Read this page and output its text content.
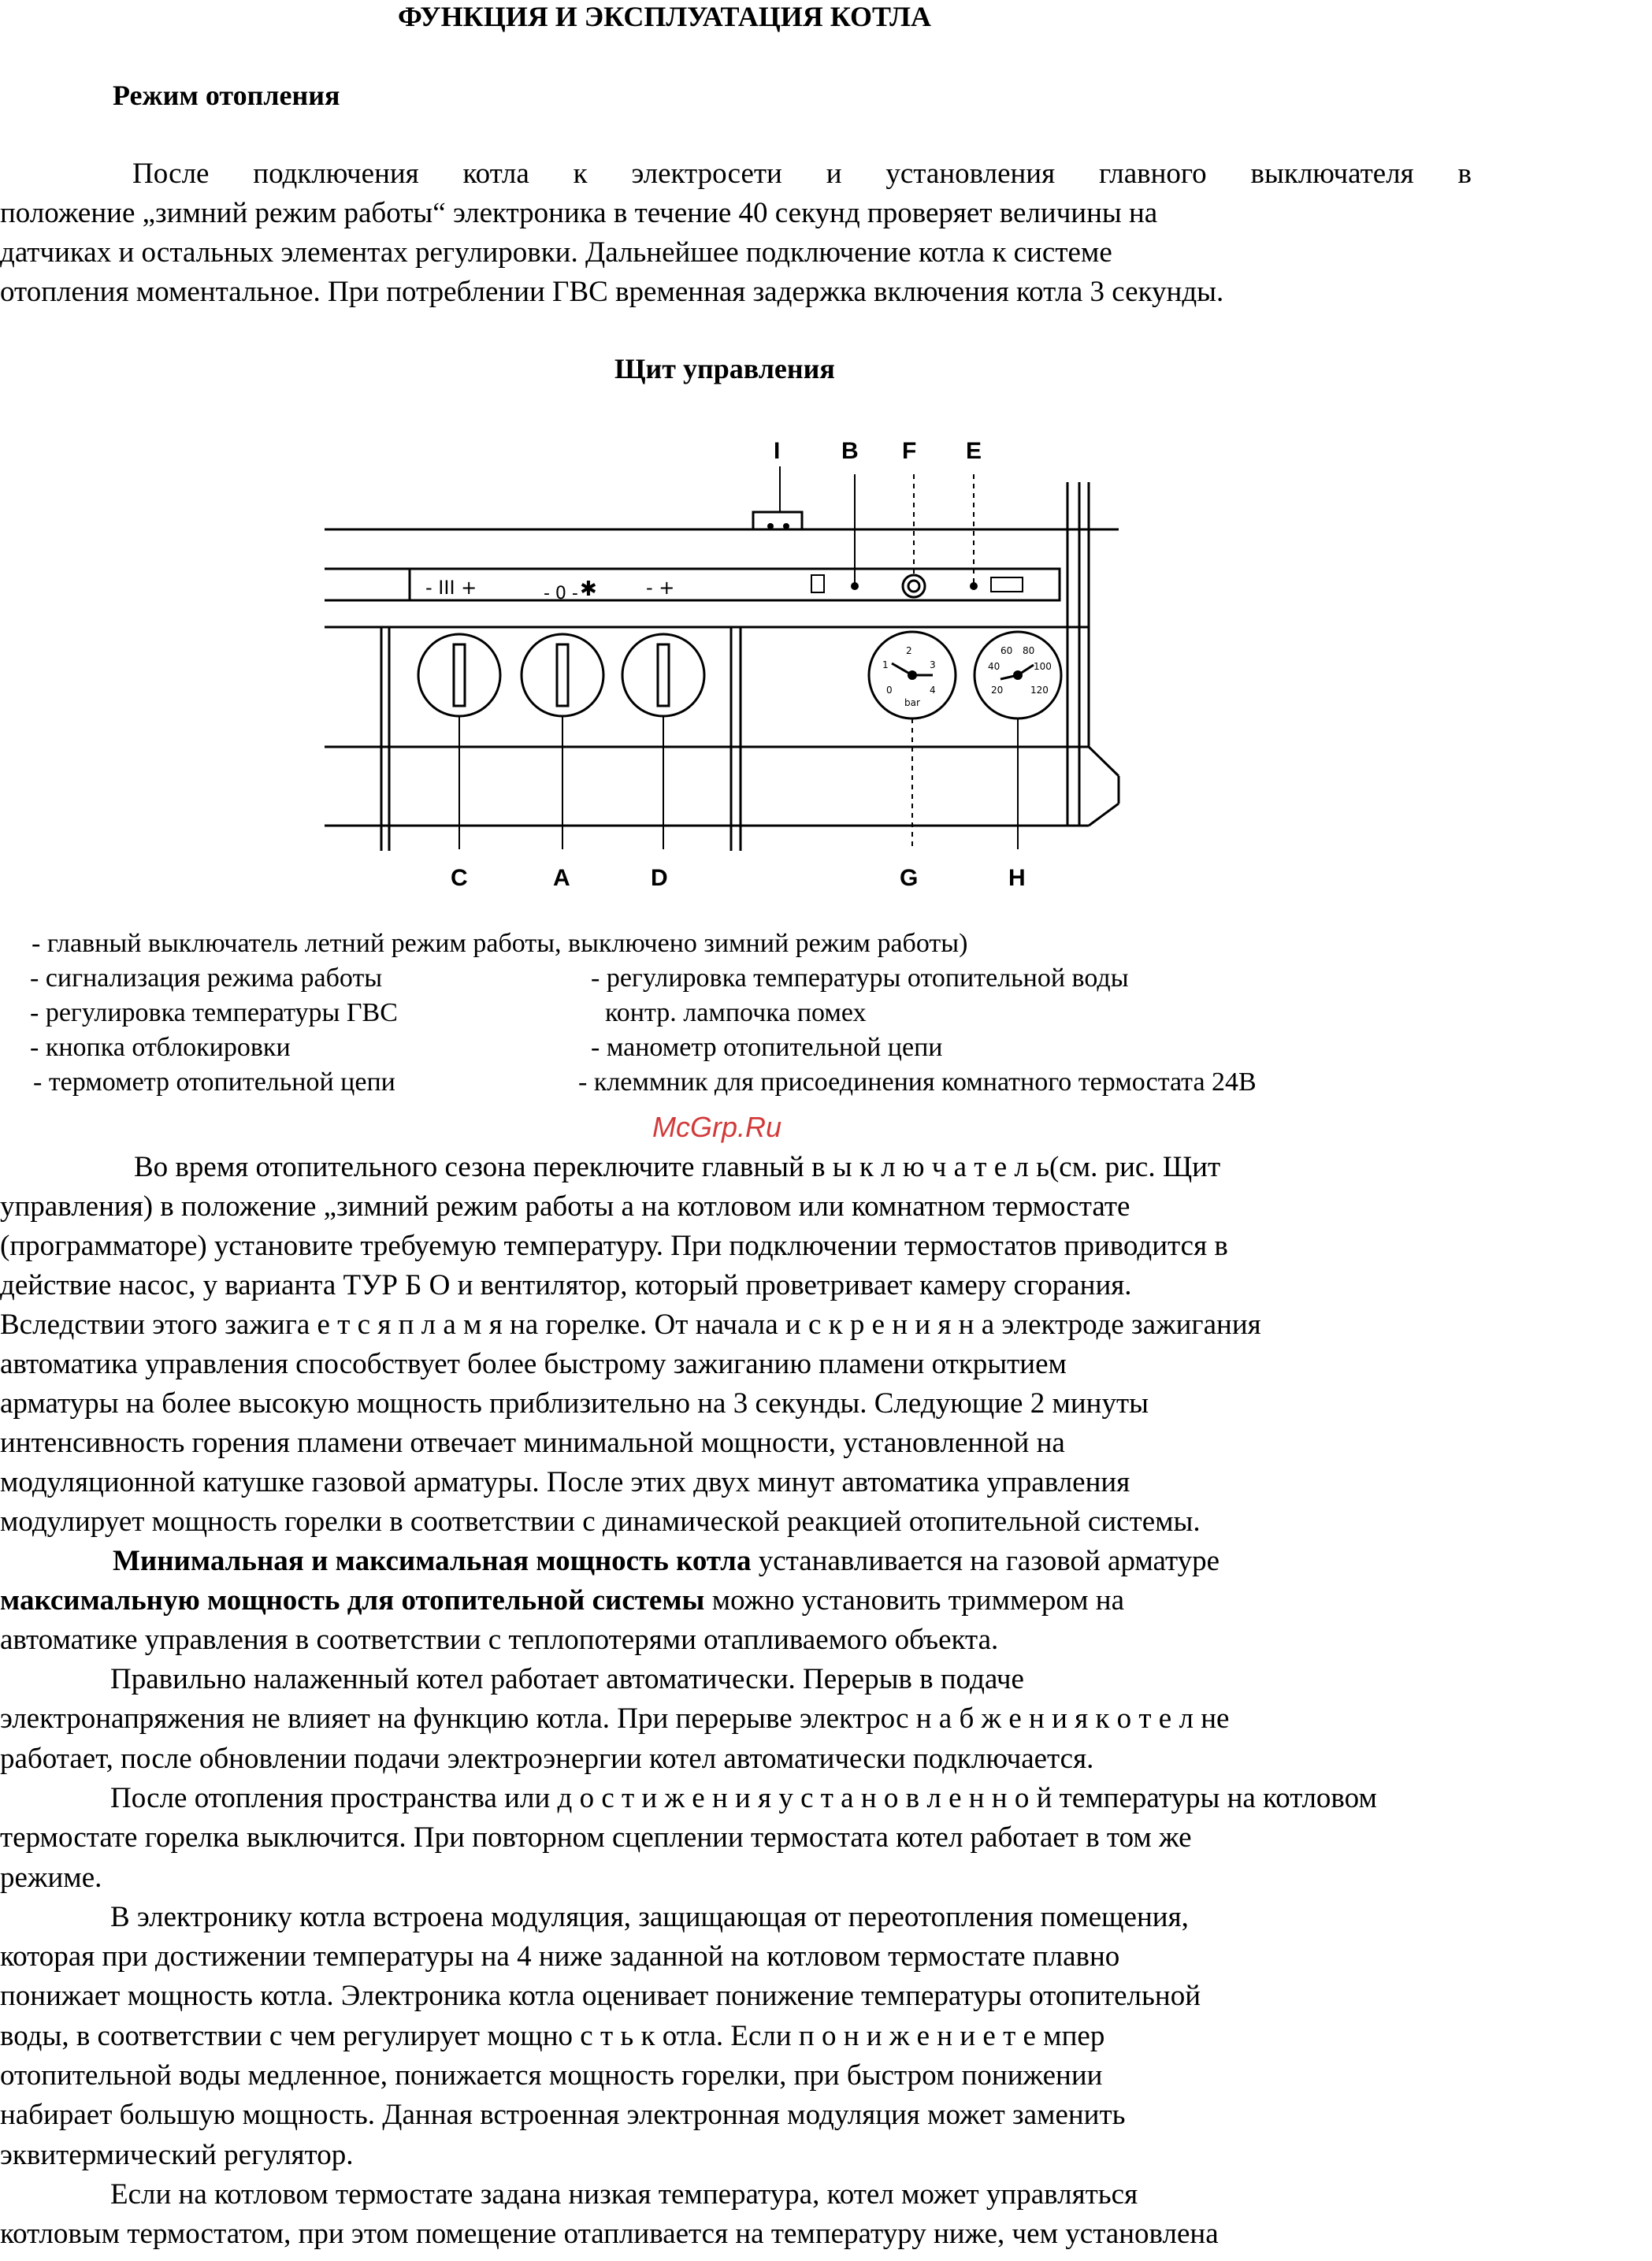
ФУНКЦИЯ И ЭКСПЛУАТАЦИЯ КОТЛА
Режим отопления
После подключения котла к электросети и установления главного выключателя в
положение „зимний режим работы“ электроника в течение 40 секунд проверяет величины на
датчиках и остальных элементах регулировки. Дальнейшее подключение котла к системе
отопления моментальное. При потреблении ГВС временная задержка включения котла 3 секунды.
Щит управления
- III +	- 0 -	- +
✱
0
1
2
3
4
bar
20
40
60 80
100
120
I	B F E
C	A	D	G	H
- главный выключатель летний режим работы, выключено зимний режим работы)
- сигнализация режима работы	- регулировка температуры отопительной воды
- регулировка температуры ГВС	контр. лампочка помех
- кнопка отблокировки	- манометр отопительной цепи
- термометр отопительной цепи	- клеммник для присоединения комнатного термостата 24В
McGrp.Ru
Во время отопительного сезона переключите главный в ы к л ю ч а т е л ь(см. рис. Щит
управления) в положение „зимний режим работы а на котловом или комнатном термостате
(программаторе) установите требуемую температуру. При подключении термостатов приводится в
действие насос, у варианта ТУР Б О и вентилятор, который проветривает камеру сгорания.
Вследствии этого зажига е т с я п л а м я на горелке. От начала и с к р е н и я н а электроде зажигания
автоматика управления способствует более быстрому зажиганию пламени открытием
арматуры на более высокую мощность приблизительно на 3 секунды. Следующие 2 минуты
интенсивность горения пламени отвечает минимальной мощности, установленной на
модуляционной катушке газовой арматуры. После этих двух минут автоматика управления
модулирует мощность горелки в соответствии с динамической реакцией отопительной системы.
Минимальная и максимальная мощность котла устанавливается на газовой арматуре
максимальную мощность для отопительной системы можно установить триммером на
автоматике управления в соответствии с теплопотерями отапливаемого объекта.
Правильно налаженный котел работает автоматически. Перерыв в подаче
электронапряжения не влияет на функцию котла. При перерыве электрос н а б ж е н и я к о т е л не
работает, после обновлении подачи электроэнергии котел автоматически подключается.
После отопления пространства или д о с т и ж е н и я у с т а н о в л е н н о й температуры на котловом
термостате горелка выключится. При повторном сцеплении термостата котел работает в том же
режиме.
В электронику котла встроена модуляция, защищающая от переотопления помещения,
которая при достижении температуры на 4 ниже заданной на котловом термостате плавно
понижает мощность котла. Электроника котла оценивает понижение температуры отопительной
воды, в соответствии с чем регулирует мощно с т ь к отла. Если п о н и ж е н и е т е мпер
отопительной воды медленное, понижается мощность горелки, при быстром понижении
набирает большую мощность. Данная встроенная электронная модуляция может заменить
эквитермический регулятор.
Если на котловом термостате задана низкая температура, котел может управляться
котловым термостатом, при этом помещение отапливается на температуру ниже, чем установлена
